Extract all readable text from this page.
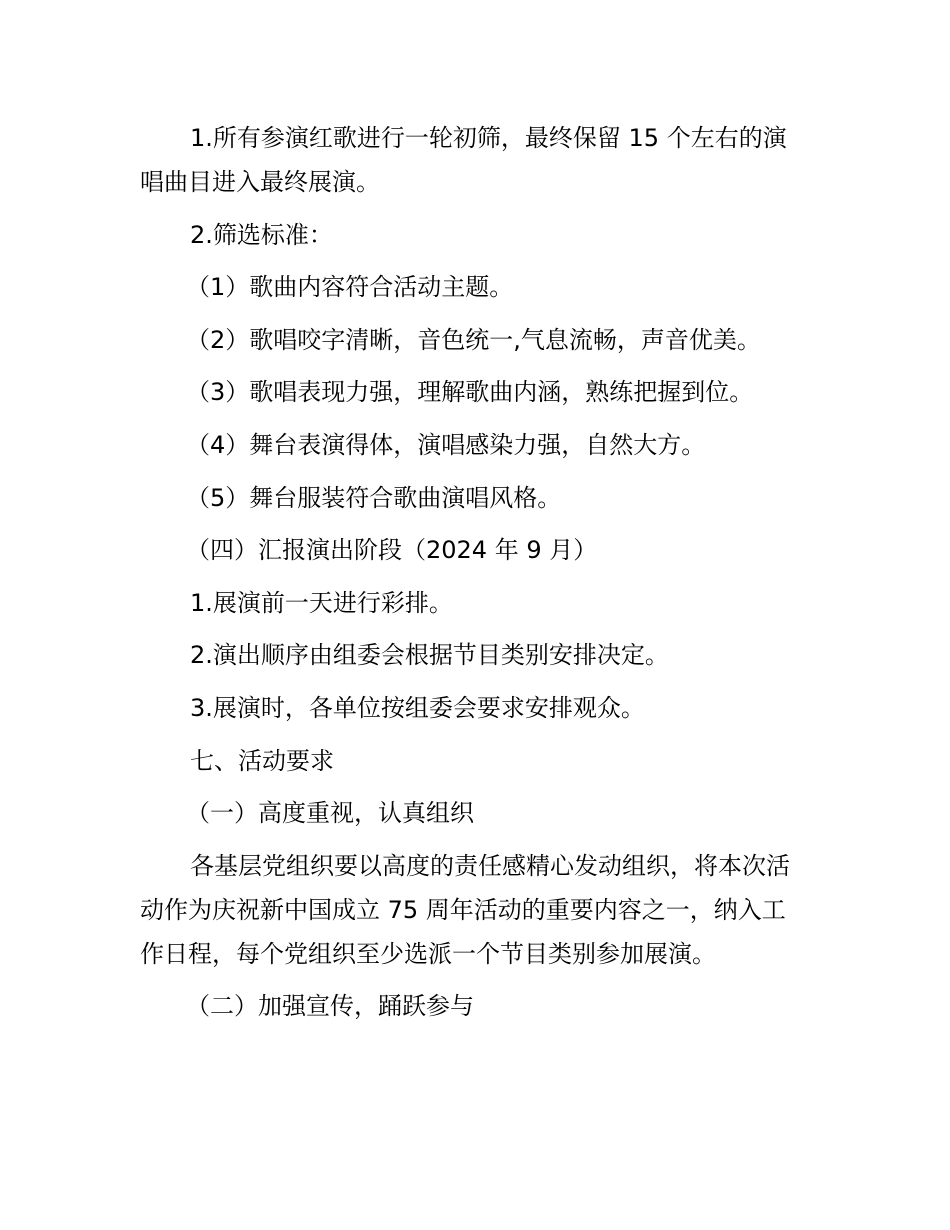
1.所有参演红歌进行一轮初筛，最终保留 15 个左右的演
唱曲目进入最终展演。

2.筛选标准：

（1）歌曲内容符合活动主题。

（2）歌唱咬字清晰，音色统一,气息流畅，声音优美。

（3）歌唱表现力强，理解歌曲内涵，熟练把握到位。

（4）舞台表演得体，演唱感染力强，自然大方。

（5）舞台服装符合歌曲演唱风格。

（四）汇报演出阶段（2024 年 9 月）

1.展演前一天进行彩排。

2.演出顺序由组委会根据节目类别安排决定。

3.展演时，各单位按组委会要求安排观众。

七、活动要求

（一）高度重视，认真组织

各基层党组织要以高度的责任感精心发动组织，将本次活
动作为庆祝新中国成立 75 周年活动的重要内容之一，纳入工
作日程，每个党组织至少选派一个节目类别参加展演。

（二）加强宣传，踊跃参与
